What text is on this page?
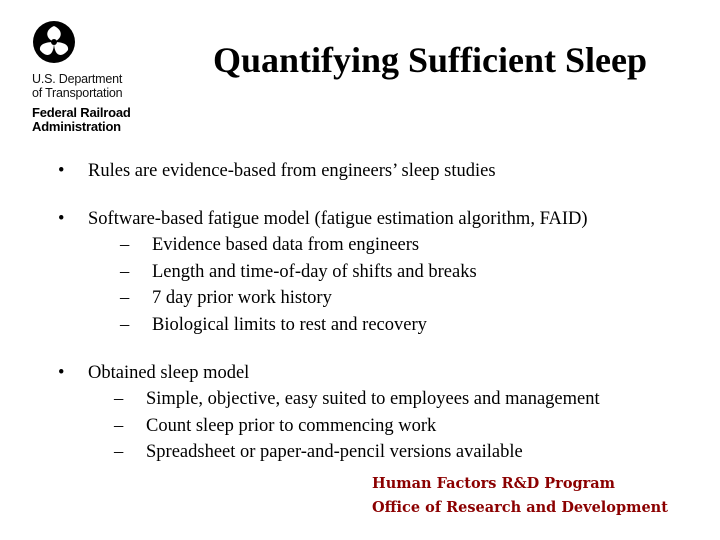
U.S. Department
of Transportation
Federal Railroad
Administration
Quantifying Sufficient Sleep
• Rules are evidence-based from engineers’ sleep studies
• Software-based fatigue model (fatigue estimation algorithm, FAID)
– Evidence based data from engineers
– Length and time-of-day of shifts and breaks
– 7 day prior work history
– Biological limits to rest and recovery
• Obtained sleep model
– Simple, objective, easy suited to employees and management
– Count sleep prior to commencing work
– Spreadsheet or paper-and-pencil versions available
Human Factors R&D Program
Office of Research and Development
